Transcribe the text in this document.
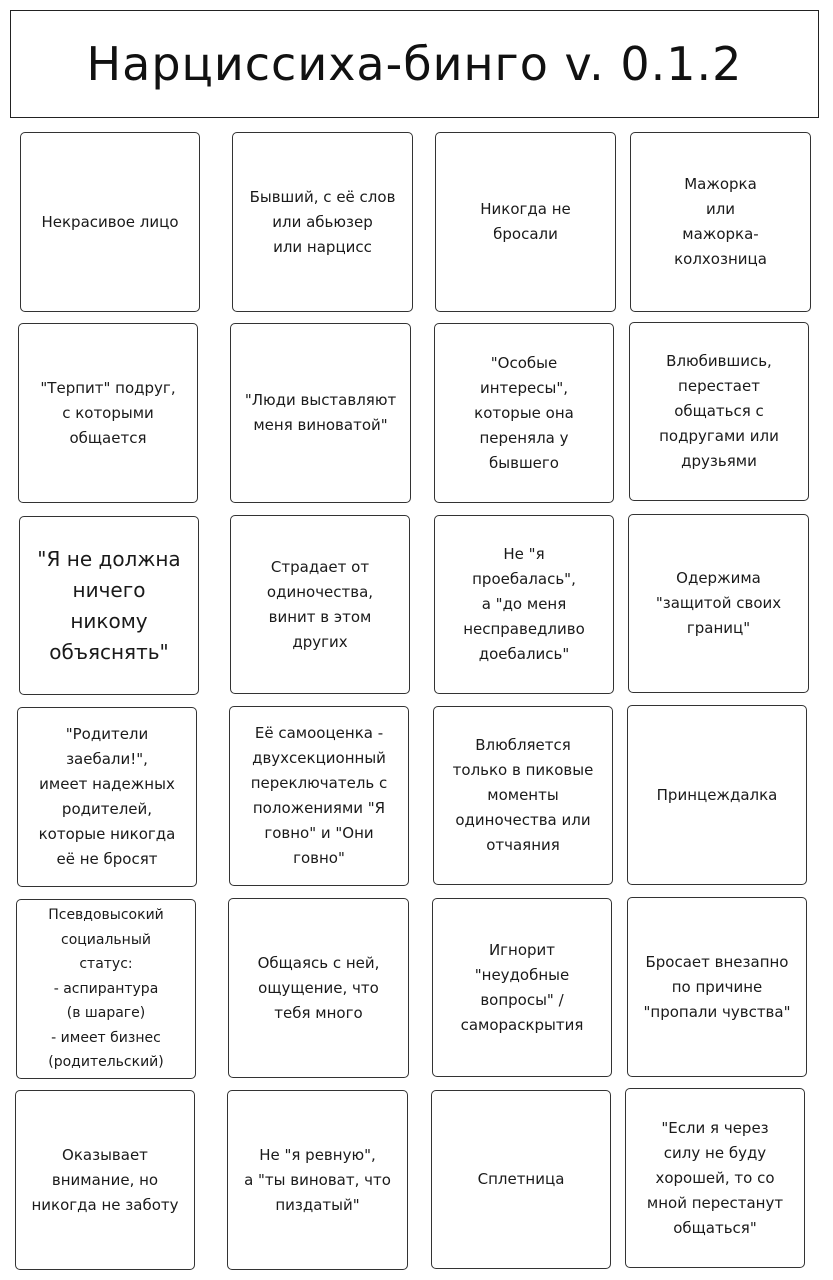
Нарциссиха-бинго v. 0.1.2
Некрасивое лицо
Бывший, с её слов
или абьюзер
или нарцисс
Никогда не
бросали
Мажорка
или
мажорка-
колхозница
"Терпит" подруг,
с которыми
общается
"Люди выставляют
меня виноватой"
"Особые
интересы",
которые она
переняла у
бывшего
Влюбившись,
перестает
общаться с
подругами или
друзьями
"Я не должна
ничего
никому
объяснять"
Страдает от
одиночества,
винит в этом
других
Не "я
проебалась",
а "до меня
несправедливо
доебались"
Одержима
"защитой своих
границ"
"Родители
заебали!",
имеет надежных
родителей,
которые никогда
её не бросят
Её самооценка -
двухсекционный
переключатель с
положениями "Я
говно" и "Они
говно"
Влюбляется
только в пиковые
моменты
одиночества или
отчаяния
Принцеждалка
Псевдовысокий
социальный
статус:
- аспирантура
(в шараге)
- имеет бизнес
(родительский)
Общаясь с ней,
ощущение, что
тебя много
Игнорит
"неудобные
вопросы" /
самораскрытия
Бросает внезапно
по причине
"пропали чувства"
Оказывает
внимание, но
никогда не заботу
Не "я ревную",
а "ты виноват, что
пиздатый"
Сплетница
"Если я через
силу не буду
хорошей, то со
мной перестанут
общаться"
